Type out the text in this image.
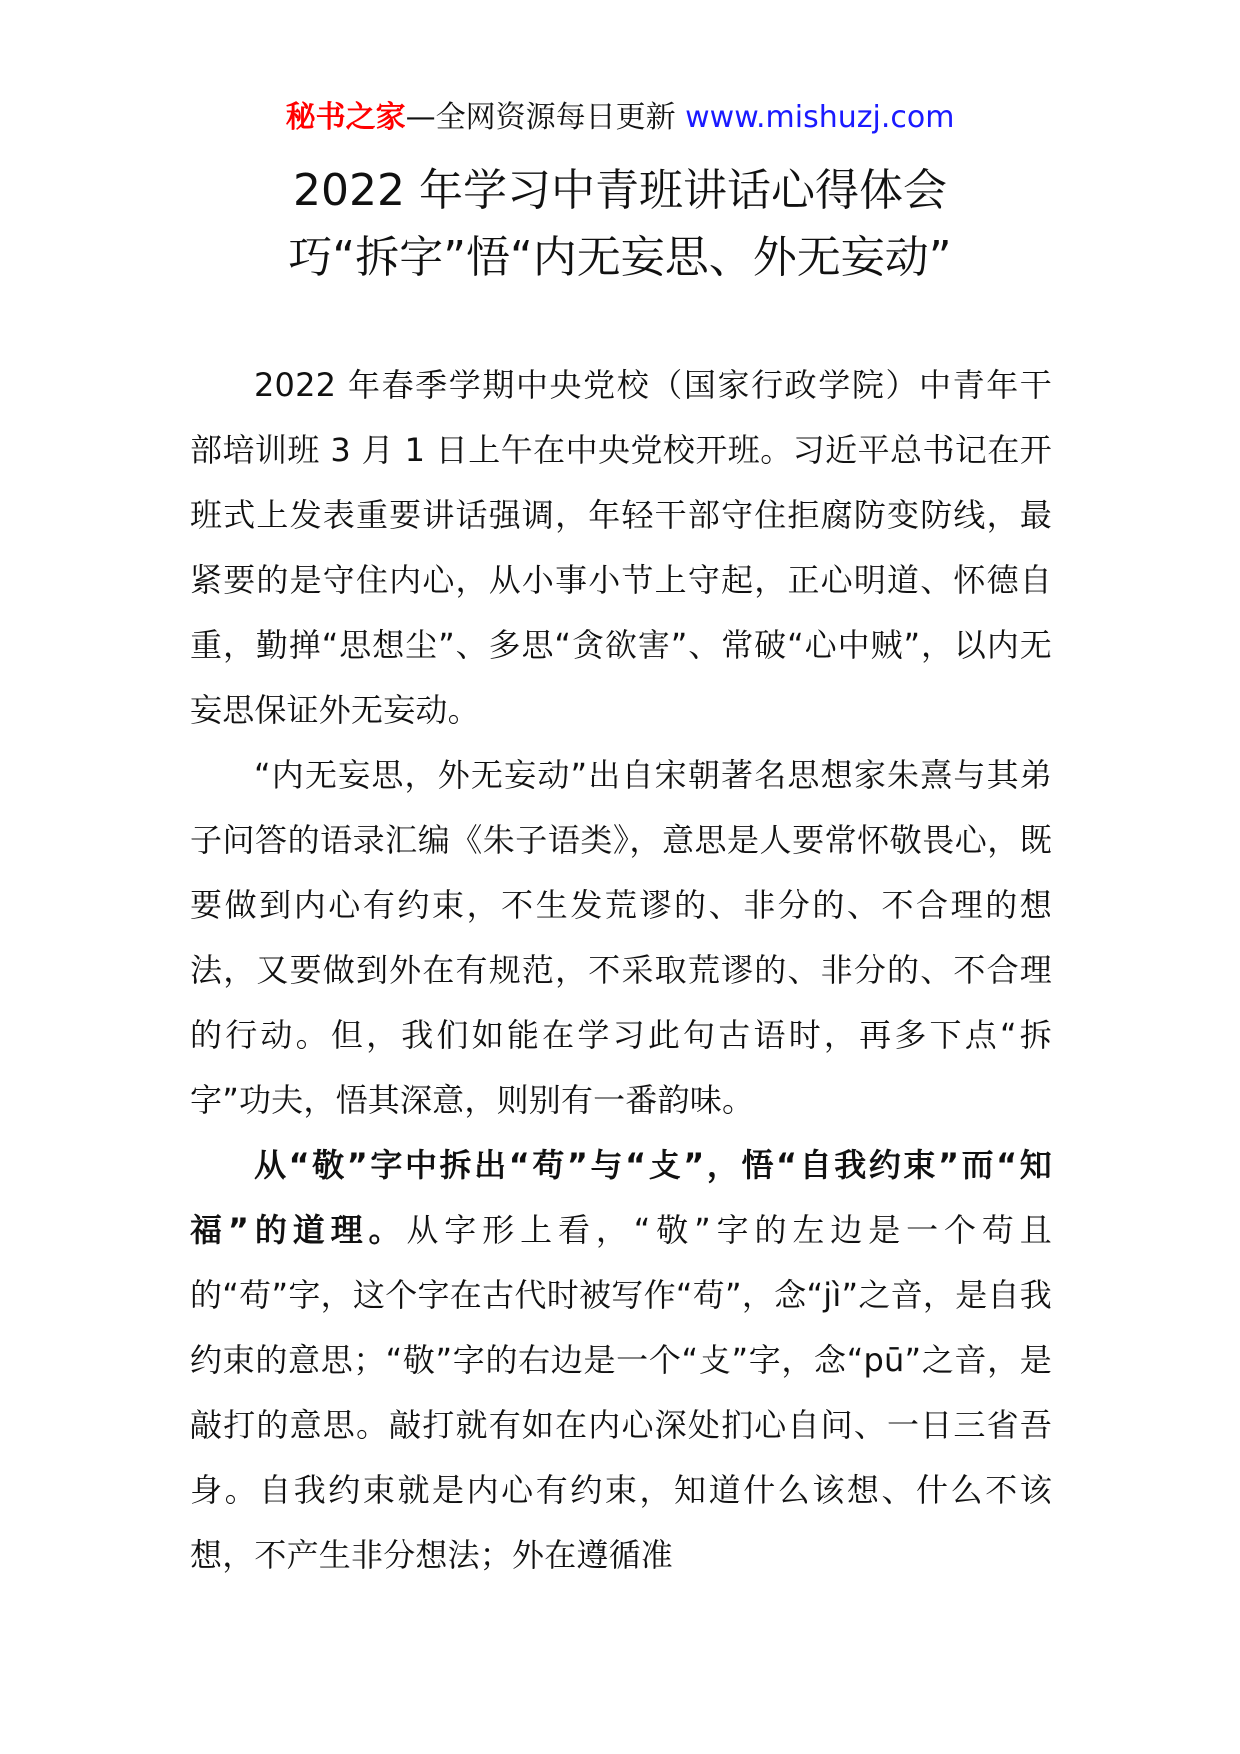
秘书之家—全网资源每日更新 www.mishuzj.com
2022 年学习中青班讲话心得体会
巧“拆字”悟“内无妄思、外无妄动”

2022 年春季学期中央党校（国家行政学院）中青年干部培训班 3 月 1 日上午在中央党校开班。习近平总书记在开班式上发表重要讲话强调，年轻干部守住拒腐防变防线，最紧要的是守住内心，从小事小节上守起，正心明道、怀德自重，勤掸“思想尘”、多思“贪欲害”、常破“心中贼”，以内无妄思保证外无妄动。

“内无妄思，外无妄动”出自宋朝著名思想家朱熹与其弟子问答的语录汇编《朱子语类》，意思是人要常怀敬畏心，既要做到内心有约束，不生发荒谬的、非分的、不合理的想法，又要做到外在有规范，不采取荒谬的、非分的、不合理的行动。但，我们如能在学习此句古语时，再多下点“拆字”功夫，悟其深意，则别有一番韵味。

从“敬”字中拆出“苟”与“攴”，悟“自我约束”而“知福”的道理。从字形上看，“敬”字的左边是一个苟且的“苟”字，这个字在古代时被写作“苟”，念“jì”之音，是自我约束的意思；“敬”字的右边是一个“攴”字，念“pū”之音，是敲打的意思。敲打就有如在内心深处扪心自问、一日三省吾身。自我约束就是内心有约束，知道什么该想、什么不该想，不产生非分想法；外在遵循准
